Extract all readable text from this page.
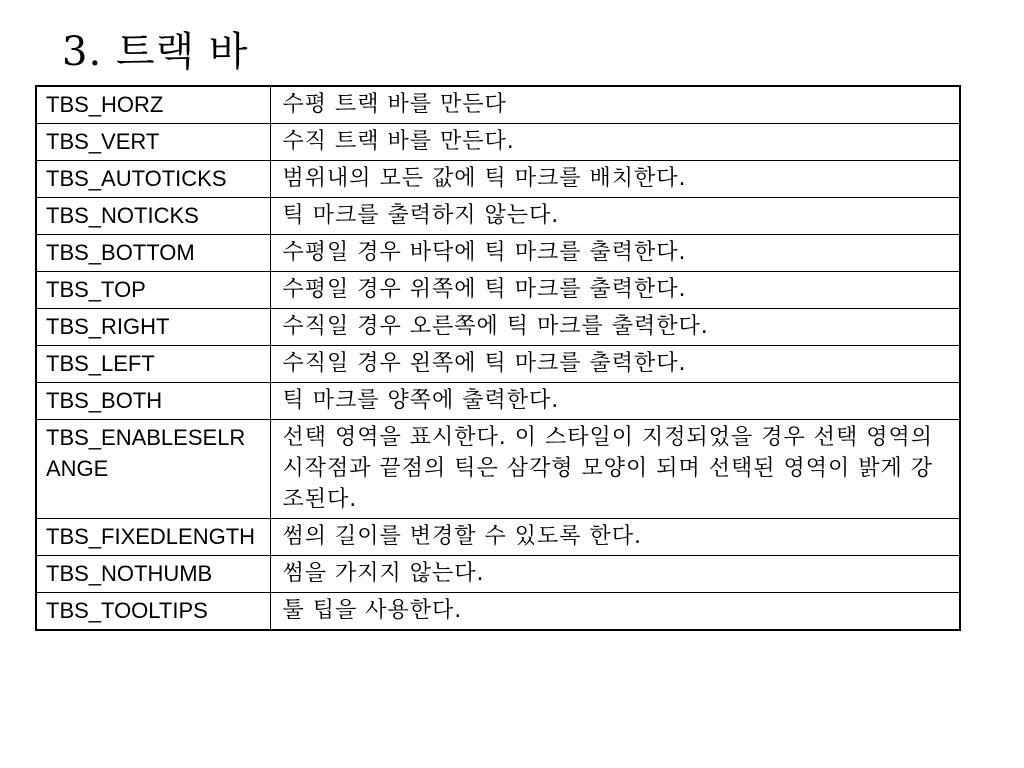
3. 트랙 바
TBS_HORZ	수평 트랙 바를 만든다
TBS_VERT	수직 트랙 바를 만든다.
TBS_AUTOTICKS	범위내의 모든 값에 틱 마크를 배치한다.
TBS_NOTICKS	틱 마크를 출력하지 않는다.
TBS_BOTTOM	수평일 경우 바닥에 틱 마크를 출력한다.
TBS_TOP	수평일 경우 위쪽에 틱 마크를 출력한다.
TBS_RIGHT	수직일 경우 오른쪽에 틱 마크를 출력한다.
TBS_LEFT	수직일 경우 왼쪽에 틱 마크를 출력한다.
TBS_BOTH	틱 마크를 양쪽에 출력한다.
TBS_ENABLESELRANGE	선택 영역을 표시한다. 이 스타일이 지정되었을 경우 선택 영역의 시작점과 끝점의 틱은 삼각형 모양이 되며 선택된 영역이 밝게 강조된다.
TBS_FIXEDLENGTH	썸의 길이를 변경할 수 있도록 한다.
TBS_NOTHUMB	썸을 가지지 않는다.
TBS_TOOLTIPS	툴 팁을 사용한다.
